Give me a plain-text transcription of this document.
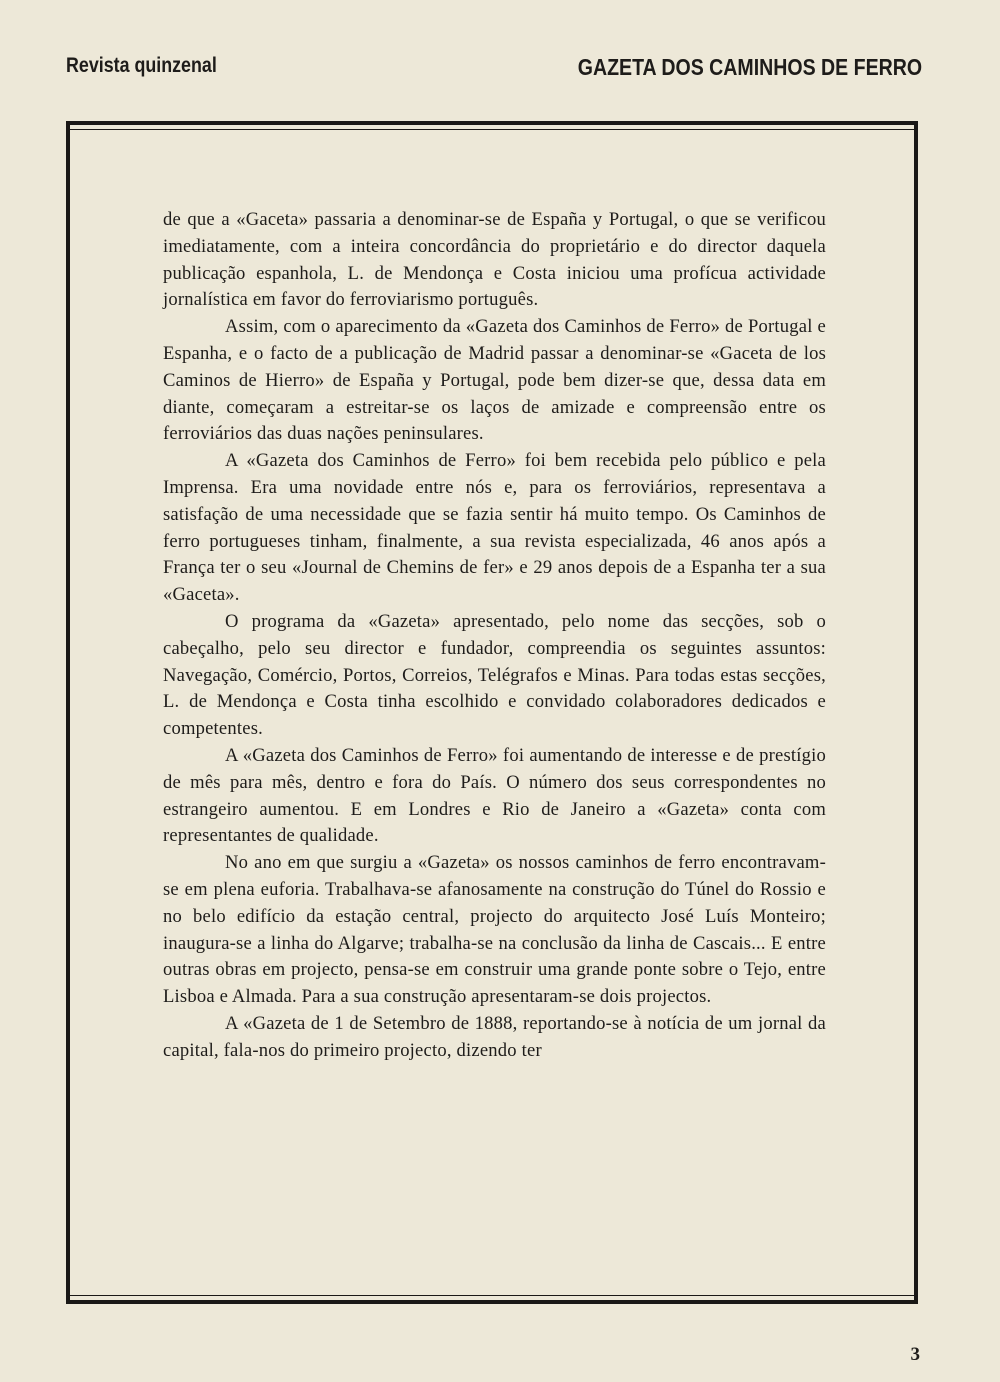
Revista quinzenal	GAZETA DOS CAMINHOS DE FERRO

de que a «Gaceta» passaria a denominar-se de España y Portugal, o que se verificou imediatamente, com a inteira concordância do proprietário e do director daquela publicação espanhola, L. de Mendonça e Costa iniciou uma profícua actividade jornalística em favor do ferroviarismo português.

Assim, com o aparecimento da «Gazeta dos Caminhos de Ferro» de Portugal e Espanha, e o facto de a publicação de Madrid passar a denominar-se «Gaceta de los Caminos de Hierro» de España y Portugal, pode bem dizer-se que, dessa data em diante, começaram a estreitar-se os laços de amizade e compreensão entre os ferroviários das duas nações peninsulares.

A «Gazeta dos Caminhos de Ferro» foi bem recebida pelo público e pela Imprensa. Era uma novidade entre nós e, para os ferroviários, representava a satisfação de uma necessidade que se fazia sentir há muito tempo. Os Caminhos de ferro portugueses tinham, finalmente, a sua revista especializada, 46 anos após a França ter o seu «Journal de Chemins de fer» e 29 anos depois de a Espanha ter a sua «Gaceta».

O programa da «Gazeta» apresentado, pelo nome das secções, sob o cabeçalho, pelo seu director e fundador, compreendia os seguintes assuntos: Navegação, Comércio, Portos, Correios, Telégrafos e Minas. Para todas estas secções, L. de Mendonça e Costa tinha escolhido e convidado colaboradores dedicados e competentes.

A «Gazeta dos Caminhos de Ferro» foi aumentando de interesse e de prestígio de mês para mês, dentro e fora do País. O número dos seus correspondentes no estrangeiro aumentou. E em Londres e Rio de Janeiro a «Gazeta» conta com representantes de qualidade.

No ano em que surgiu a «Gazeta» os nossos caminhos de ferro encontravam-se em plena euforia. Trabalhava-se afanosamente na construção do Túnel do Rossio e no belo edifício da estação central, projecto do arquitecto José Luís Monteiro; inaugura-se a linha do Algarve; trabalha-se na conclusão da linha de Cascais... E entre outras obras em projecto, pensa-se em construir uma grande ponte sobre o Tejo, entre Lisboa e Almada. Para a sua construção apresentaram-se dois projectos.

A «Gazeta de 1 de Setembro de 1888, reportando-se à notícia de um jornal da capital, fala-nos do primeiro projecto, dizendo ter

3
